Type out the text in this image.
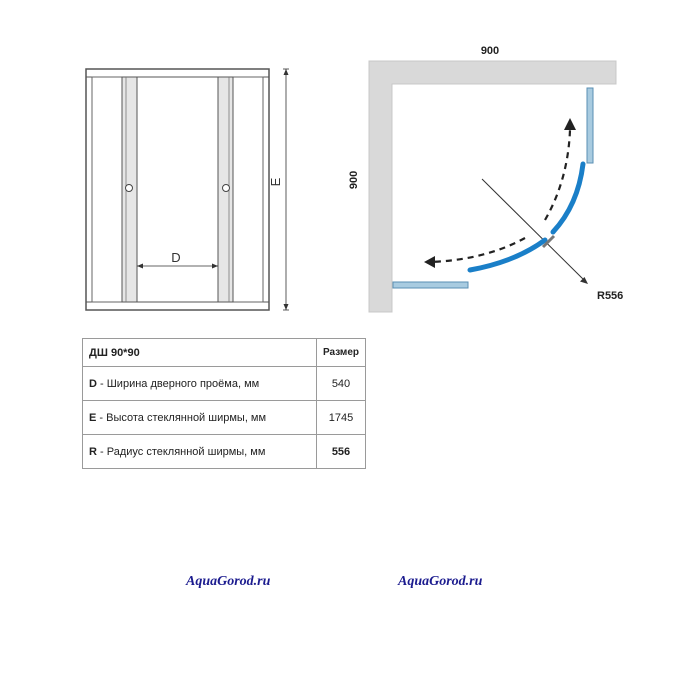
D
E
900
900
R556
ДШ 90*90	Размер
D - Ширина дверного проёма, мм	540
E - Высота стеклянной ширмы, мм	1745
R - Радиус стеклянной ширмы, мм	556
AquaGorod.ru	AquaGorod.ru
